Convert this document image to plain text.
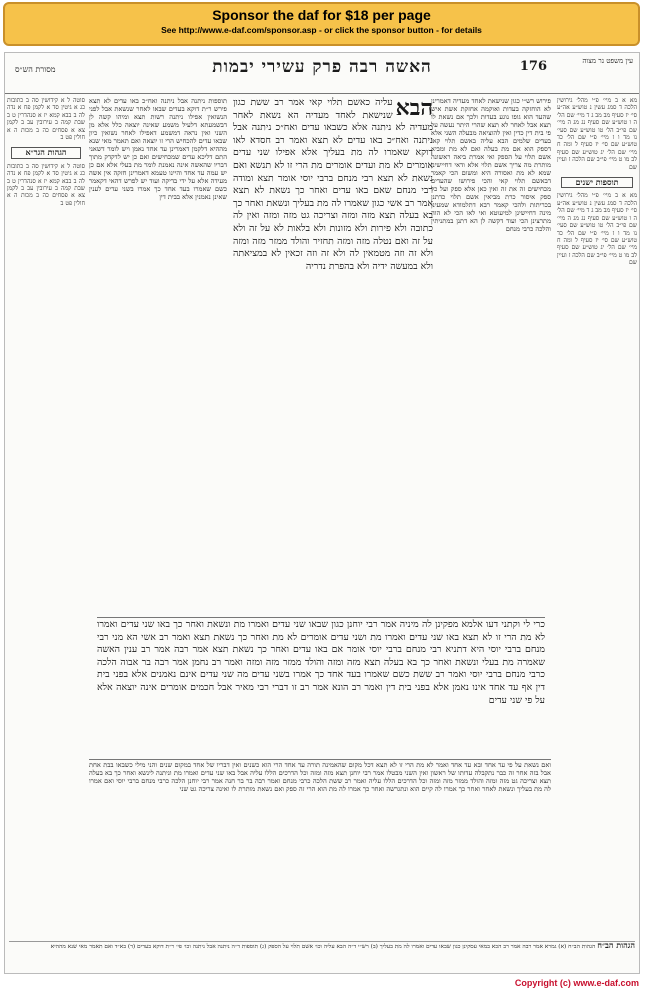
Sponsor the daf for $18 per page
See http://www.e-daf.com/sponsor.asp - or click the sponsor button - for details
עין משפט נר מצוה
176
האשה רבה פרק עשירי יבמות
מסורת הש״ס
מא א ב מיי׳ פ״י מהל׳ גירושין הלכה ד סמג עשין נ טוש״ע אה״ע סי׳ יז סעיף מב מב ג ד מיי׳ שם הל׳ ה ו טוש״ע שם סעיף נג מג ה מיי׳ שם פי״ב הל׳ טו טוש״ע שם סעי׳ נו מד ו ז מיי׳ פ״י שם הל׳ כד טוש״ע שם סי׳ יז סעיף ל ומה ח מיי׳ שם הל׳ יג טוש״ע שם סעיף לב מו ט מיי׳ פי״ב שם הלכה ז ועיין שם
תוספות ישנים
מא א ב מיי׳ פ״י מהל׳ גירושין הלכה ד סמג עשין נ טוש״ע אה״ע סי׳ יז סעיף מב מב ג ד מיי׳ שם הל׳ ה ו טוש״ע שם סעיף נג מג ה מיי׳ שם פי״ב הל׳ טו טוש״ע שם סעי׳ נו מד ו ז מיי׳ פ״י שם הל׳ כד טוש״ע שם סי׳ יז סעיף ל ומה ח מיי׳ שם הל׳ יג טוש״ע שם סעיף לב מו ט מיי׳ פי״ב שם הלכה ז ועיין שם
פירוש רש״י כגון שנישאת לאחד מעדיה דאמרינן לא הוחזקה בעדות ואוקמה אחזקת אשת איש שהעד הוא גופו נוגע בעדות ולכך אם נשאת לו תצא אבל לאחר לא תצא שהרי היתר נעשה על פי בית דין כדין ואין להוציאה מבעלה השני אלא בעדים שלמים הבא עליה באשם תלוי קאי דספק הוא אם מת בעלה ואם לא מת ומביא אשם תלוי על הספק ואי אמרת ביאה ראשונה מותרת מה צריך אשם תלוי אלא ודאי דחיישינן שמא לא מת ואסורה היא ומשום הכי קאמר דבאשם תלוי קאי והכי פירושו שהעדים מכחישים זה את זה ואין כאן אלא ספק ועל כל ספק איסור כרת מביאין אשם תלוי כדתנן בכריתות ולהכי קאמר רבא דתלמודא שמעינן מינה דחיישינן למיעוטא ואי לאו הכי לא הוה מתרצינן הכי ועוד דקשה לן הא דתנן במתניתין והלכה כרבי מנחם
הבא
עליה כאשם תלוי קאי אמר רב ששת כגון שנישאת לאחד מעדיה הא נשאת לאחר מעדיה לא ניתנה אלא כשבאו עדים ואח״כ ניתנה אבל ניתנה ואח״כ באו עדים לא תצא ואמר רב חסדא לאו דוקא שאמרו לה מת בעליך אלא אפילו שני עדים אומרים לא מת ועדים אומרים מת הרי זו לא תנשא ואם נשאת לא תצא רבי מנחם ברבי יוסי אומר תצא ומודה רבי מנחם שאם באו עדים ואחר כך נשאת לא תצא אמר רב אשי כגון שאמרו לה מת בעליך ונשאת ואחר כך בא בעלה תצא מזה ומזה וצריכה גט מזה ומזה ואין לה כתובה ולא פירות ולא מזונות ולא בלאות לא על זה ולא על זה ואם נטלה מזה ומזה תחזיר והולד ממזר מזה ומזה ולא זה וזה מטמאין לה ולא זה וזה זכאין לא במציאתה ולא במעשה ידיה ולא בהפרת נדריה
תוספות ניתנה אבל ניתנה ואח״כ באו עדים לא תצא פירש ר״ת דוקא בעדים שבאו לאחר שנשאת אבל לפני הנשואין אפילו ניתנה רשות תצא ומיהו קשה לן דבשמעתא דלעיל משמע שאינה יוצאה כלל אלא מן השני ואין נראה דמשמע דאפילו לאחר נשואין כיון שבאו עדים להכחיש הרי זו יוצאה ואם תאמר מאי שנא מההיא דלקמן דאמרינן עד אחד נאמן ויש לומר דשאני התם דליכא עדים שמכחישים ואם כן יש לדקדק מתוך דבריו שהאשה אינה נאמנת לומר מת בעלי אלא אם כן יש עמה עד אחד והיינו טעמא דאמרינן חזקה אין אשה מעידה אלא על ידי בדיקה ועוד יש לפרש דהאי דקאמר כשם שאמרו בעד אחד כך אמרו בשני עדים לענין שאינן נאמנין אלא בבית דין
סוטה ל א קידושין סה ב כתובות כג א גיטין סד א לקמן פח א נדה לה ב בבא קמא יז א סנהדרין ט ב שבת קמה ב עירובין עב ב לקמן צא א פסחים כה ב מכות ה א חולין פט ב
הגהות הגר״א
סוטה ל א קידושין סה ב כתובות כג א גיטין סד א לקמן פח א נדה לה ב בבא קמא יז א סנהדרין ט ב שבת קמה ב עירובין עב ב לקמן צא א פסחים כה ב מכות ה א חולין פט ב
כרי לי וקתני דעו אלמא מפקינן לה מיניה אמר רבי יוחנן כגון שבאו שני עדים ואמרו מת ונשאת ואחר כך באו שני עדים ואמרו לא מת הרי זו לא תצא באו שני עדים ואמרו מת ושני עדים אומרים לא מת ואחר כך נשאת תצא ואמר רב אשי הא מני רבי מנחם ברבי יוסי היא דתניא רבי מנחם ברבי יוסי אומר אם באו עדים ואחר כך נשאת תצא אמר רבה אמר רב ענין האשה שאמרה מת בעלי ונשאת ואחר כך בא בעלה תצא מזה ומזה והולד ממזר מזה ומזה ואמר רב נחמן אמר רבה בר אבוה הלכה כרבי מנחם ברבי יוסי ואמר רב ששת כשם שאמרו בעד אחד כך אמרו בשני עדים מה שני עדים אינם נאמנים אלא בפני בית דין אף עד אחד אינו נאמן אלא בפני בית דין ואמר רב הונא אמר רב זו דברי רבי מאיר אבל חכמים אומרים אינה יוצאה אלא על פי שני עדים
ואם נשאת על פי עד אחד ובא עד אחד ואמר לא מת הרי זו לא תצא דכל מקום שהאמינה תורה עד אחד הרי הוא כשנים ואין דבריו של אחד במקום שנים והני מילי כשבאו בבת אחת אבל בזה אחר זה כבר נתקבלה עדותו של ראשון ואין השני מבטלו אמר רבי יוחנן תצא מזה ומזה וכל הדרכים הללו עליה אבל באו שני עדים ואמרו מת וניתנה לינשא ואחר כך בא בעלה תצא וצריכה גט מזה ומזה והולד ממזר מזה ומזה וכל הדרכים הללו עליה ואמר רב ששת הלכה כרבי מנחם ואמר רבה בר בר חנה אמר רבי יוחנן הלכה כרבי מנחם ברבי יוסי ואם אמרו לה מת בעליך ונשאת לאחר ואחר כך אמרו לה קיים הוא ונתגרשה ואחר כך אמרו לה מת הוא הרי זה ספק ואם נשאת מותרת לו ואינה צריכה גט שני
הגהות הב״ח הגהות הב״ח (א) גמרא אמר רבה אמר רב הכא במאי עסקינן כגון שבאו עדים ואמרו לה מת בעליך (ב) רש״י ד״ה הבא עליה וכו׳ אשם תלוי על הספק (ג) תוספות ד״ה ניתנה אבל ניתנה וכו׳ פי׳ ר״ת דוקא בעדים (ד) בא״ד ואם תאמר מאי שנא מההיא
Copyright (c) www.e-daf.com
